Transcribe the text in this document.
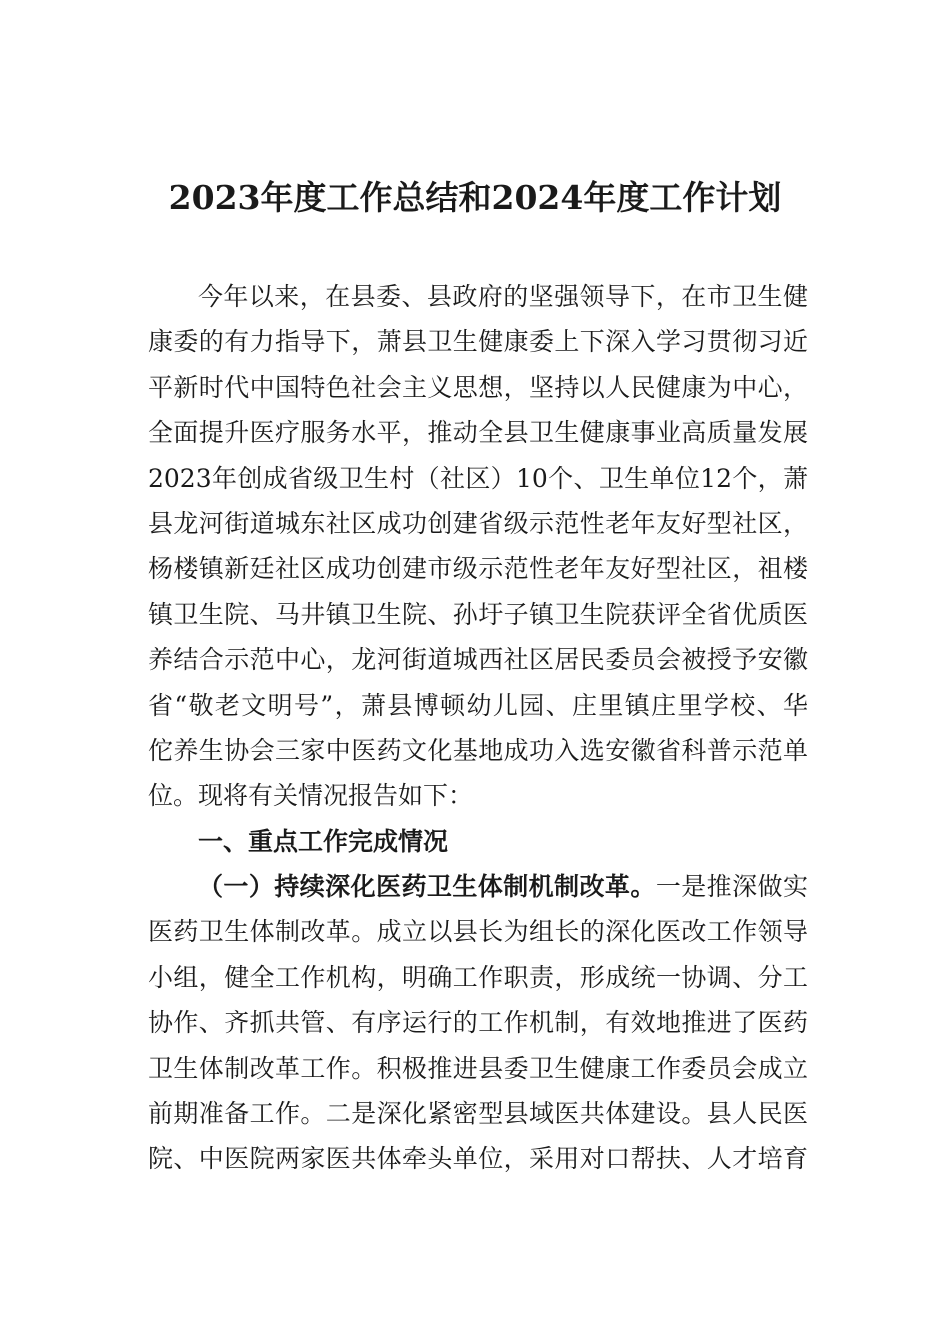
2023年度工作总结和2024年度工作计划
今年以来，在县委、县政府的坚强领导下，在市卫生健
康委的有力指导下，萧县卫生健康委上下深入学习贯彻习近
平新时代中国特色社会主义思想，坚持以人民健康为中心，
全面提升医疗服务水平，推动全县卫生健康事业高质量发展
2023年创成省级卫生村（社区）10个、卫生单位12个，萧
县龙河街道城东社区成功创建省级示范性老年友好型社区，
杨楼镇新廷社区成功创建市级示范性老年友好型社区，祖楼
镇卫生院、马井镇卫生院、孙圩子镇卫生院获评全省优质医
养结合示范中心，龙河街道城西社区居民委员会被授予安徽
省“敬老文明号”，萧县博顿幼儿园、庄里镇庄里学校、华
佗养生协会三家中医药文化基地成功入选安徽省科普示范单
位。现将有关情况报告如下：
一、重点工作完成情况
（一）持续深化医药卫生体制机制改革。一是推深做实
医药卫生体制改革。成立以县长为组长的深化医改工作领导
小组，健全工作机构，明确工作职责，形成统一协调、分工
协作、齐抓共管、有序运行的工作机制，有效地推进了医药
卫生体制改革工作。积极推进县委卫生健康工作委员会成立
前期准备工作。二是深化紧密型县域医共体建设。县人民医
院、中医院两家医共体牵头单位，采用对口帮扶、人才培育
